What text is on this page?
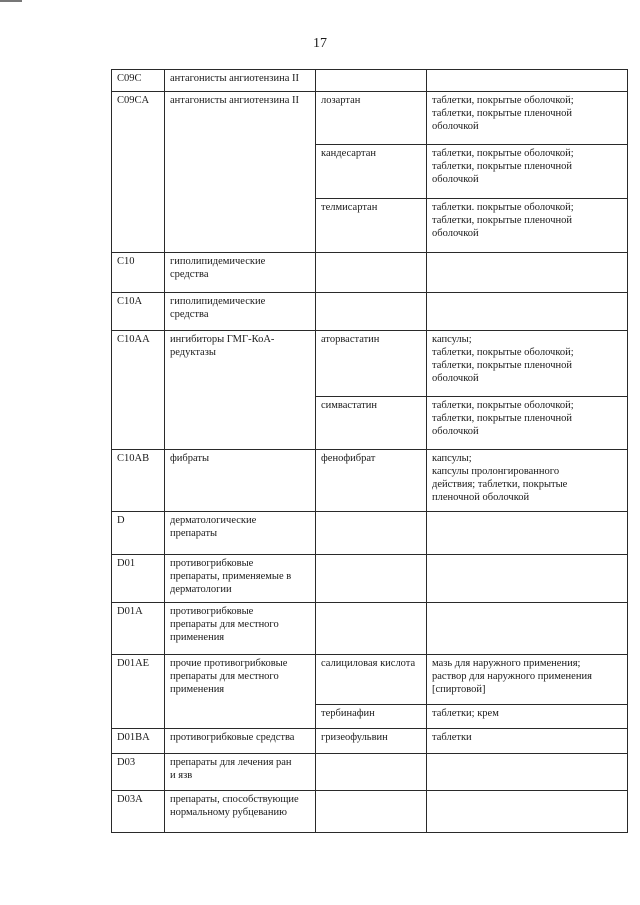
17
C09C	антагонисты ангиотензина II		

C09CA	антагонисты ангиотензина II	лозартан	таблетки, покрытые оболочкой;
таблетки, покрытые пленочной
оболочкой

		кандесартан	таблетки, покрытые оболочкой;
таблетки, покрытые пленочной
оболочкой

		телмисартан	таблетки. покрытые оболочкой;
таблетки, покрытые пленочной
оболочкой

C10	гиполипидемические
средства		

C10A	гиполипидемические
средства		

C10AA	ингибиторы ГМГ-КоА-
редуктазы	аторвастатин	капсулы;
таблетки, покрытые оболочкой;
таблетки, покрытые пленочной
оболочкой

		симвастатин	таблетки, покрытые оболочкой;
таблетки, покрытые пленочной
оболочкой

C10AB	фибраты	фенофибрат	капсулы;
капсулы пролонгированного
действия; таблетки, покрытые
пленочной оболочкой

D	дерматологические
препараты		

D01	противогрибковые
препараты, применяемые в
дерматологии		

D01A	противогрибковые
препараты для местного
применения		

D01AE	прочие противогрибковые
препараты для местного
применения	салициловая кислота	мазь для наружного применения;
раствор для наружного применения
[спиртовой]

		тербинафин	таблетки; крем

D01BA	противогрибковые средства	гризеофульвин	таблетки

D03	препараты для лечения ран
и язв		

D03A	препараты, способствующие
нормальному рубцеванию		
